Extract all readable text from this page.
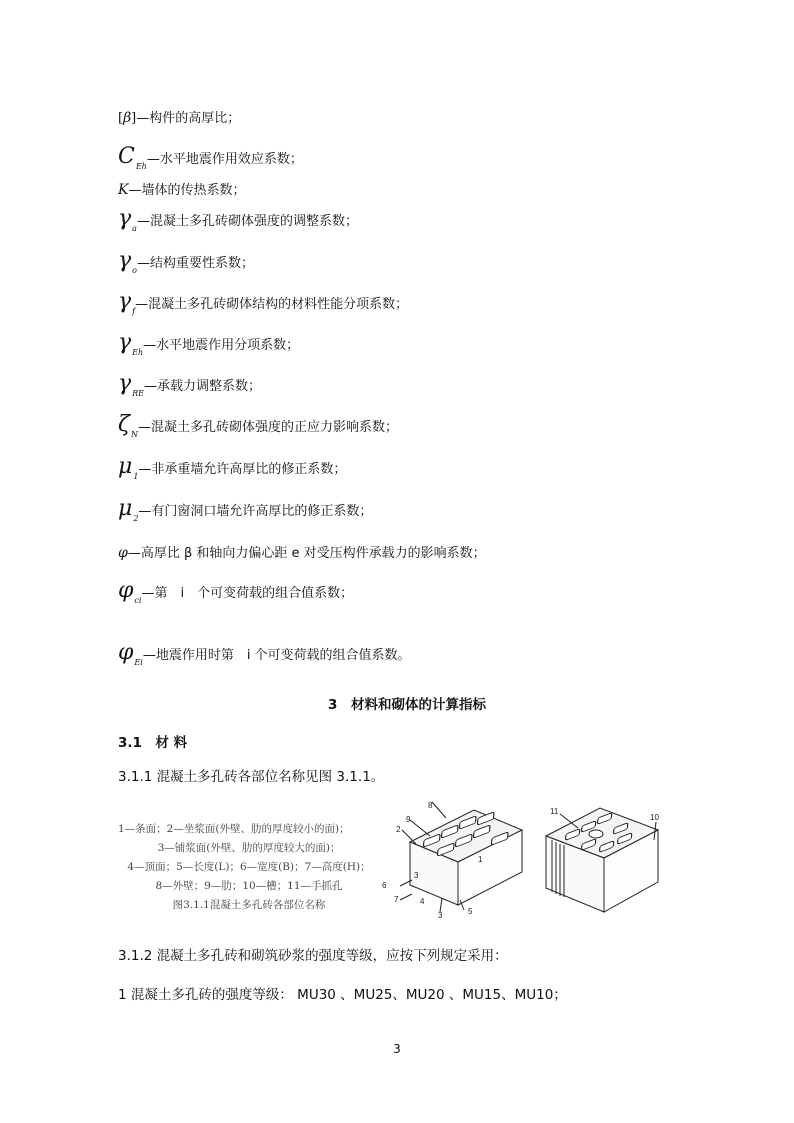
[β]—构件的高厚比；
$C_{Eh}—$水平地震作用效应系数；
K—墙体的传热系数；
$\gamma_a—$混凝土多孔砖砌体强度的调整系数；
$\gamma_o—$结构重要性系数；
$\gamma_f—$混凝土多孔砖砌体结构的材料性能分项系数；
$\gamma_{Eh}—$水平地震作用分项系数；
$\gamma_{RE}—$承载力调整系数；
$\zeta_N—$混凝土多孔砖砌体强度的正应力影响系数；
$\mu_1—$非承重墙允许高厚比的修正系数；
$\mu_2—$有门窗洞口墙允许高厚比的修正系数；
φ—高厚比 β 和轴向力偏心距 e 对受压构件承载力的影响系数；
$\varphi_{ci}—$第　i　个可变荷载的组合值系数；
$\varphi_{Ei}—$地震作用时第　i 个可变荷载的组合值系数。
3　材料和砌体的计算指标
3.1　材 料
3.1.1 混凝土多孔砖各部位名称见图 3.1.1。
1—条面；2—坐浆面(外壁、肋的厚度较小的面)；
3—铺浆面(外壁、肋的厚度较大的面)；
4—顶面；5—长度(L)；6—宽度(B)；7—高度(H)；
8—外壁；9—肋；10—槽；11—手抓孔
图3.1.1混凝土多孔砖各部位名称
8
2
9
1
6
3
4
7
5
3
11
10
3.1.2 混凝土多孔砖和砌筑砂浆的强度等级，应按下列规定采用：
1 混凝土多孔砖的强度等级： MU30 、MU25、MU20 、MU15、MU10；
3
